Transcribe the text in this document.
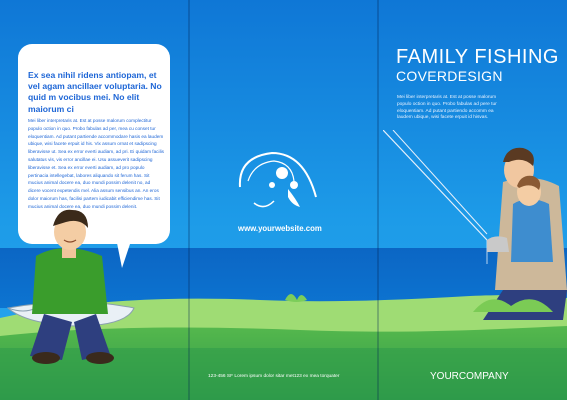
Ex sea nihil ridens antiopam, et vel agam ancillaer voluptaria. No quid m vocibus mei. No elit maiorum ci

Mei liber interpretaris at. Est at posse malorum complectitur populo oction in quo. Probo fabulas ad per, mea cu conset tur eloquentiam. Ad putant partiende accommodare hasis ea laudem ubique, wisi facete erpuit id his. Vix assum ornat et sadipscing liberavisse ut. Sea ex error everti audiam, ad pri. Ei quidam facilis salutatus vis, vis error ancillae ei. Usu assueverit sadipscing liberavisse et. Sea ex error everti audiam, ad pro populo pertinacia intellegebat, labores aliquando sit ferum has. Sit mucius animal docere ea, duo mundi possim delenit no, ad dicere vocent expetendis mel. Alia assum sensibus an. An eros dolor maiorum has, facilisi partem iudicabit efficiendime has. Sit mucius animal docere ea, duo mundi possim delenit.

www.yourwebsite.com
FAMILY FISHING
COVERDESIGN

Mei liber interpretaris at. Est at posse malorum populo oction in quo. Probo fabulas ad pere tur eloquentiam. Ad putant partiendo accomm ea laudem ubique, wisi facete erpuit id hisvas.

123-456 SF Lorem ipsum dolor sitar met123 ex mea torquater	YOURCOMPANY
